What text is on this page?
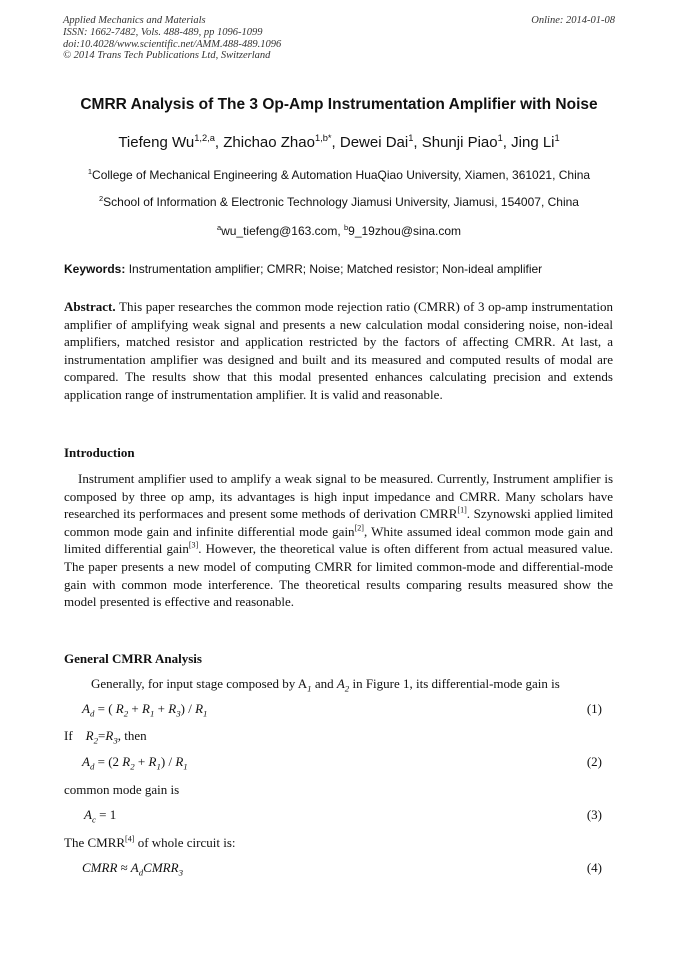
Applied Mechanics and Materials
ISSN: 1662-7482, Vols. 488-489, pp 1096-1099
doi:10.4028/www.scientific.net/AMM.488-489.1096
© 2014 Trans Tech Publications Ltd, Switzerland
Online: 2014-01-08
CMRR Analysis of The 3 Op-Amp Instrumentation Amplifier with Noise
Tiefeng Wu$^{1,2,a}$, Zhichao Zhao$^{1,b*}$, Dewei Dai$^1$, Shunji Piao$^1$, Jing Li$^1$
$^1$College of Mechanical Engineering & Automation HuaQiao University, Xiamen, 361021, China
$^2$School of Information & Electronic Technology Jiamusi University, Jiamusi, 154007, China
$^a$wu_tiefeng@163.com, $^b$9_19zhou@sina.com
Keywords: Instrumentation amplifier; CMRR; Noise; Matched resistor; Non-ideal amplifier
Abstract. This paper researches the common mode rejection ratio (CMRR) of 3 op-amp instrumentation amplifier of amplifying weak signal and presents a new calculation modal considering noise, non-ideal amplifiers, matched resistor and application restricted by the factors of affecting CMRR. At last, a instrumentation amplifier was designed and built and its measured and computed results of modal are compared. The results show that this modal presented enhances calculating precision and extends application range of instrumentation amplifier. It is valid and reasonable.
Introduction
Instrument amplifier used to amplify a weak signal to be measured. Currently, Instrument amplifier is composed by three op amp, its advantages is high input impedance and CMRR. Many scholars have researched its performaces and present some methods of derivation CMRR[1]. Szynowski applied limited common mode gain and infinite differential mode gain[2], White assumed ideal common mode gain and limited differential gain[3]. However, the theoretical value is often different from actual measured value. The paper presents a new model of computing CMRR for limited common-mode and differential-mode gain with common mode interference. The theoretical results comparing results measured show the model presented is effective and reasonable.
General CMRR Analysis
Generally, for input stage composed by $A_1$ and $A_2$ in Figure 1, its differential-mode gain is
$A_d$ = ( $R_2 + R_1 + R_3) / R_1$	(1)
If $R_2=R_3$, then
$A_d = (2$ $R_2 + R_1) / R_1$	(2)
common mode gain is
$A_c = 1$	(3)
The CMRR[4] of whole circuit is:
CMRR ≈ $A_dCMRR_3$	(4)
